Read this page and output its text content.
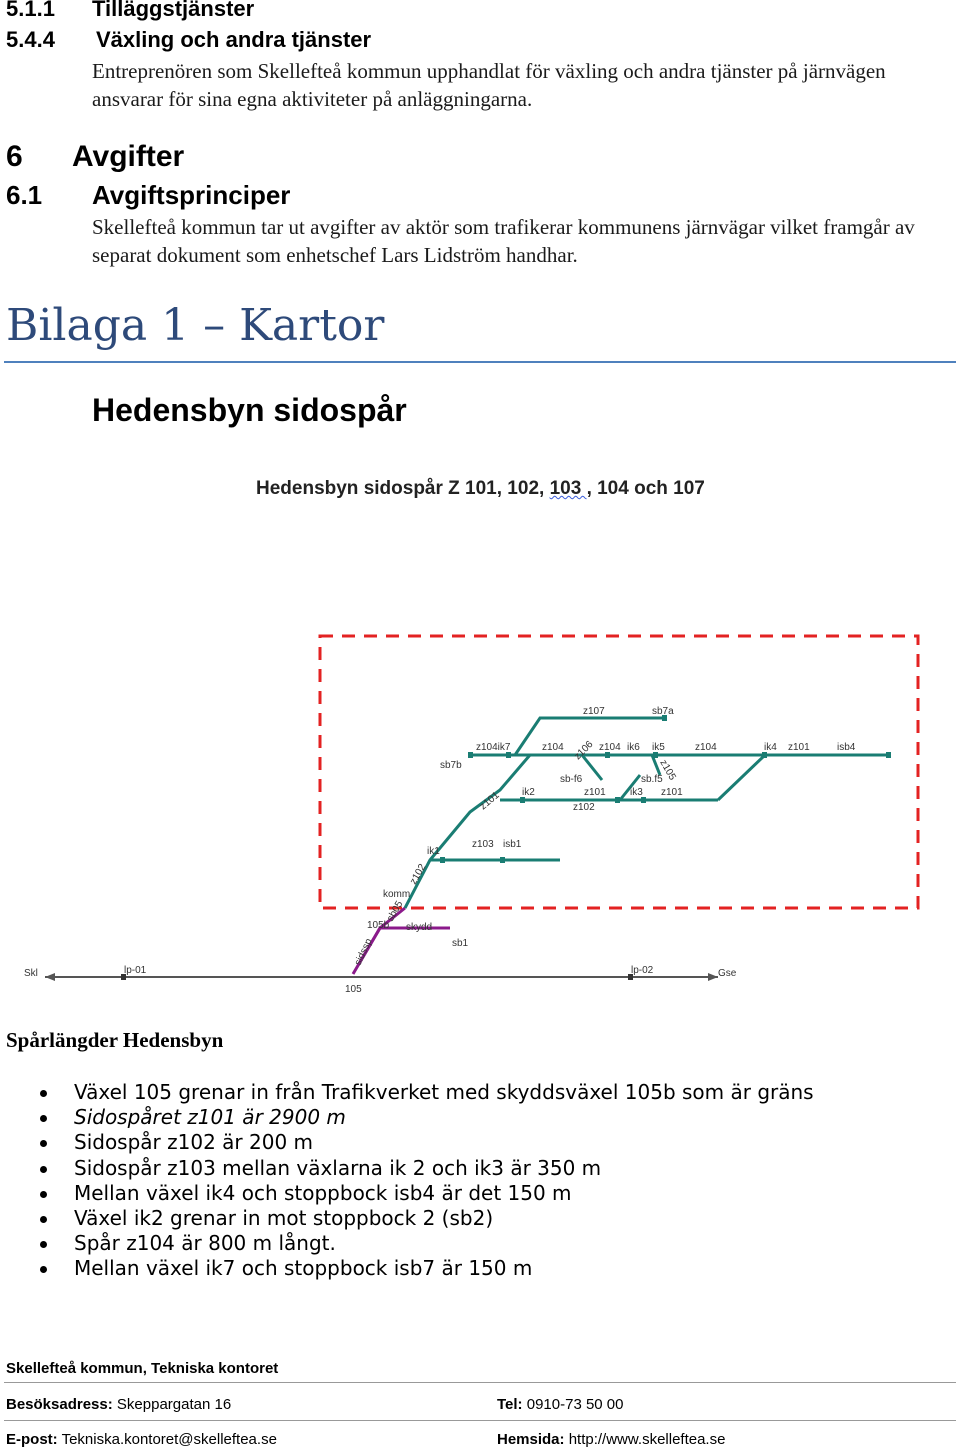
5.1.1 Tilläggstjänster
5.4.4 Växling och andra tjänster
Entreprenören som Skellefteå kommun upphandlat för växling och andra tjänster på järnvägen ansvarar för sina egna aktiviteter på anläggningarna.
6 Avgifter
6.1 Avgiftsprinciper
Skellefteå kommun tar ut avgifter av aktör som trafikerar kommunens järnvägar vilket framgår av separat dokument som enhetschef Lars Lidström handhar.
Bilaga 1 – Kartor
Hedensbyn sidospår
Hedensbyn sidospår Z 101, 102, 103 , 104 och 107
z107	sb7a
z104ik7	z104 z106 z104 ik6 ik5
z105
z104	ik4 z101	isb4
sb7b
sb-f6	sb.f5
z101 ik2	z101 ik3 z101
z102
z103 isb1
ik1
z102
komm
105b
sb05
skydd
sb1
sidssp
Skl	lp-01	lp-02	Gse
105
Spårlängder Hedensbyn
Växel 105 grenar in från Trafikverket med skyddsväxel 105b som är gräns
Sidospåret z101 är 2900 m
Sidospår z102 är 200 m
Sidospår z103 mellan växlarna ik 2 och ik3 är 350 m
Mellan växel ik4 och stoppbock isb4 är det 150 m
Växel ik2 grenar in mot stoppbock 2 (sb2)
Spår z104 är 800 m långt.
Mellan växel ik7 och stoppbock isb7 är 150 m
Skellefteå kommun, Tekniska kontoret
Besöksadress: Skeppargatan 16	Tel: 0910-73 50 00
E-post: Tekniska.kontoret@skelleftea.se	Hemsida: http://www.skelleftea.se
